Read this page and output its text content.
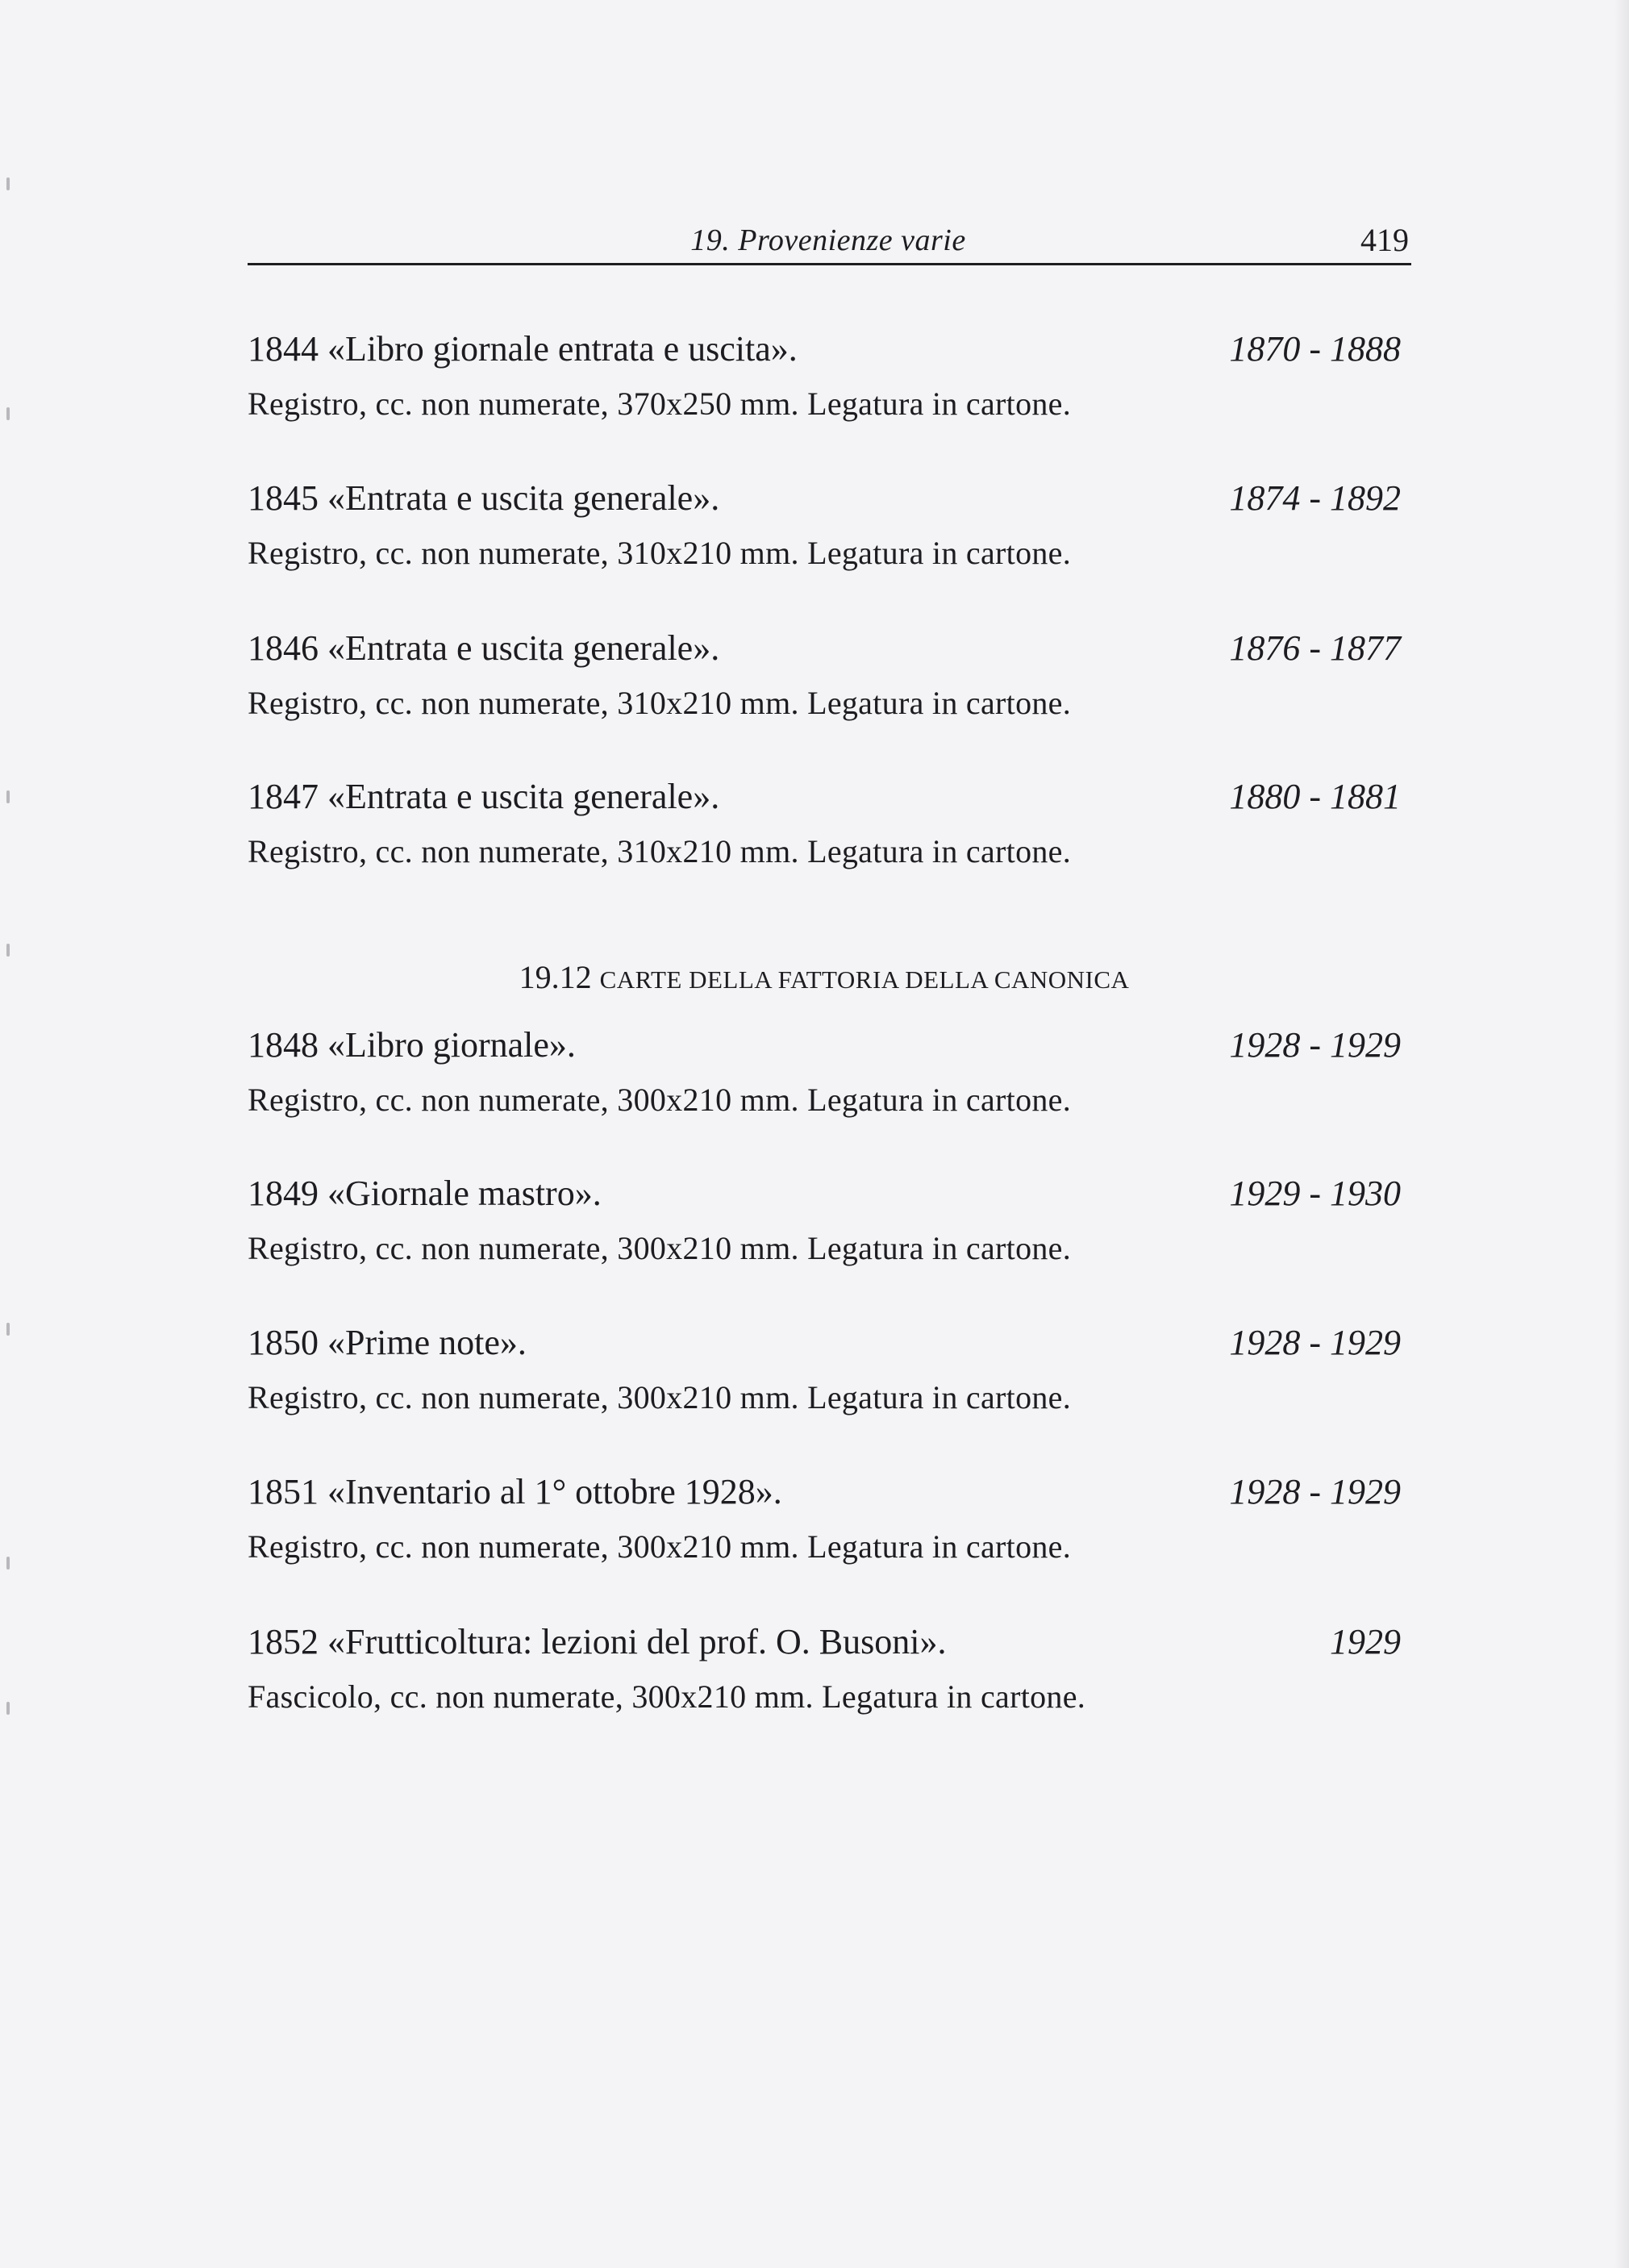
19. Provenienze varie	419
1844 «Libro giornale entrata e uscita».	1870 - 1888
Registro, cc. non numerate, 370x250 mm. Legatura in cartone.
1845 «Entrata e uscita generale».	1874 - 1892
Registro, cc. non numerate, 310x210 mm. Legatura in cartone.
1846 «Entrata e uscita generale».	1876 - 1877
Registro, cc. non numerate, 310x210 mm. Legatura in cartone.
1847 «Entrata e uscita generale».	1880 - 1881
Registro, cc. non numerate, 310x210 mm. Legatura in cartone.
19.12 CARTE DELLA FATTORIA DELLA CANONICA
1848 «Libro giornale».	1928 - 1929
Registro, cc. non numerate, 300x210 mm. Legatura in cartone.
1849 «Giornale mastro».	1929 - 1930
Registro, cc. non numerate, 300x210 mm. Legatura in cartone.
1850 «Prime note».	1928 - 1929
Registro, cc. non numerate, 300x210 mm. Legatura in cartone.
1851 «Inventario al 1° ottobre 1928».	1928 - 1929
Registro, cc. non numerate, 300x210 mm. Legatura in cartone.
1852 «Frutticoltura: lezioni del prof. O. Busoni».	1929
Fascicolo, cc. non numerate, 300x210 mm. Legatura in cartone.
